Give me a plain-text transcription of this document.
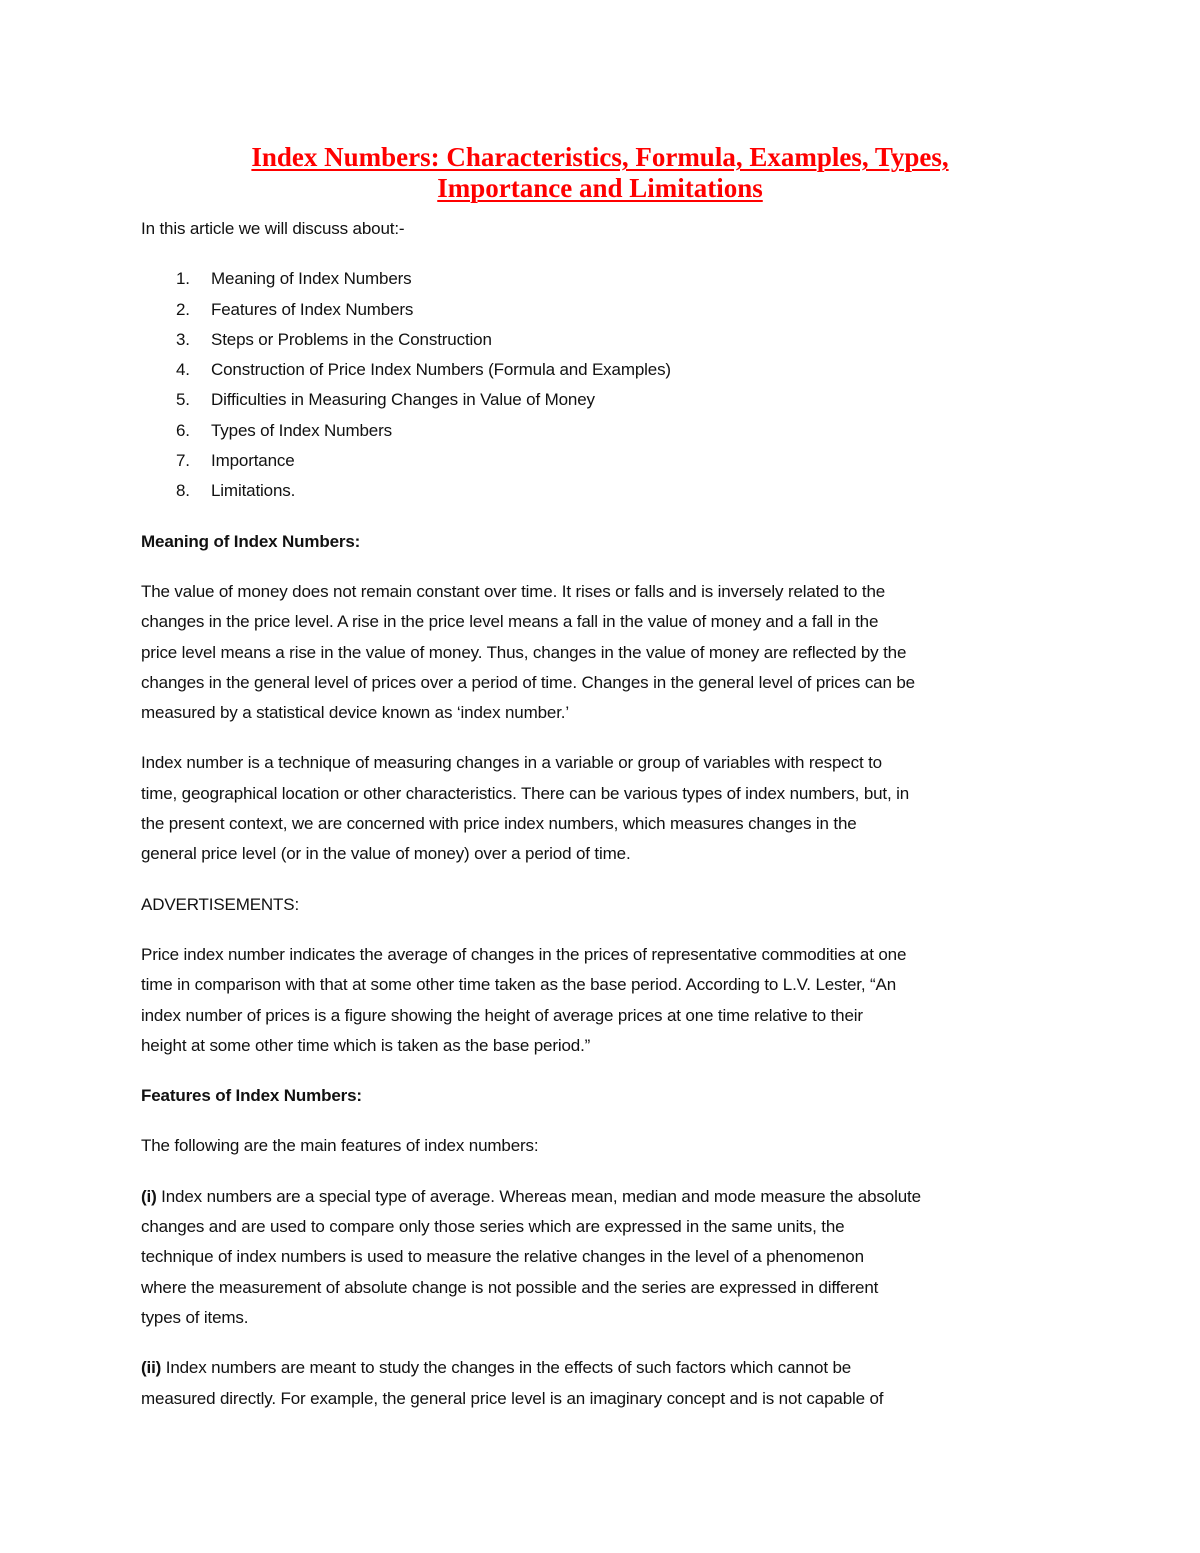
Index Numbers: Characteristics, Formula, Examples, Types,
Importance and Limitations
In this article we will discuss about:-
1.	Meaning of Index Numbers
2.	Features of Index Numbers
3.	Steps or Problems in the Construction
4.	Construction of Price Index Numbers (Formula and Examples)
5.	Difficulties in Measuring Changes in Value of Money
6.	Types of Index Numbers
7.	Importance
8.	Limitations.
Meaning of Index Numbers:
The value of money does not remain constant over time. It rises or falls and is inversely related to the
changes in the price level. A rise in the price level means a fall in the value of money and a fall in the
price level means a rise in the value of money. Thus, changes in the value of money are reflected by the
changes in the general level of prices over a period of time. Changes in the general level of prices can be
measured by a statistical device known as ‘index number.’
Index number is a technique of measuring changes in a variable or group of variables with respect to
time, geographical location or other characteristics. There can be various types of index numbers, but, in
the present context, we are concerned with price index numbers, which measures changes in the
general price level (or in the value of money) over a period of time.
ADVERTISEMENTS:
Price index number indicates the average of changes in the prices of representative commodities at one
time in comparison with that at some other time taken as the base period. According to L.V. Lester, “An
index number of prices is a figure showing the height of average prices at one time relative to their
height at some other time which is taken as the base period.”
Features of Index Numbers:
The following are the main features of index numbers:
(i) Index numbers are a special type of average. Whereas mean, median and mode measure the absolute
changes and are used to compare only those series which are expressed in the same units, the
technique of index numbers is used to measure the relative changes in the level of a phenomenon
where the measurement of absolute change is not possible and the series are expressed in different
types of items.
(ii) Index numbers are meant to study the changes in the effects of such factors which cannot be
measured directly. For example, the general price level is an imaginary concept and is not capable of
